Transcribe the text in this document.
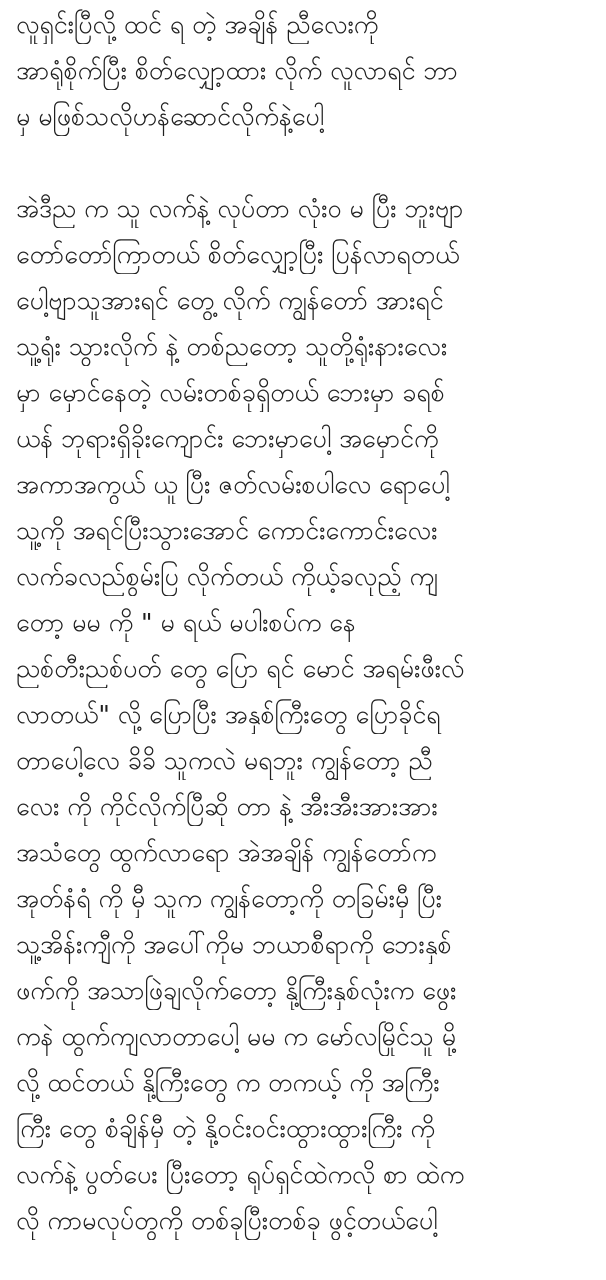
လူရှင်းပြီလို့ ထင် ရ တဲ့ အချိန် ညီလေးကို
အာရုံစိုက်ပြီး စိတ်လျှော့ထား လိုက် လူလာရင် ဘာ
မှ မဖြစ်သလိုဟန်ဆောင်လိုက်နဲ့ပေါ့
အဲဒီည က သူ လက်နဲ့ လုပ်တာ လုံး၀ မ ပြီး ဘူးဗျာ
တော်တော်ကြာတယ် စိတ်လျှော့ပြီး ပြန်လာရတယ်
ပေါ့ဗျာသူအားရင် တွေ့ လိုက် ကျွန်တော် အားရင်
သူ့ရုံး သွားလိုက် နဲ့ တစ်ညတော့ သူတို့ရုံးနားလေး
မှာ မှောင်နေတဲ့ လမ်းတစ်ခုရှိတယ် ဘေးမှာ ခရစ်
ယန် ဘုရားရှိခိုးကျောင်း ဘေးမှာပေါ့ အမှောင်ကို
အကာအကွယ် ယူ ပြီး ဇတ်လမ်းစပါလေ ရောပေါ့
သူ့ကို အရင်ပြီးသွားအောင် ကောင်းကောင်းလေး
လက်ခလည်စွမ်းပြ လိုက်တယ် ကိုယ့်ခလုည့် ကျ
တော့ မမ ကို " မ ရယ် မပါးစပ်က နေ
ညစ်တီးညစ်ပတ် တွေ ပြော ရင် မောင် အရမ်းဖီးလ်
လာတယ်" လို့ ပြောပြီး အနှစ်ကြီးတွေ ပြောခိုင်ရ
တာပေါ့လေ ခိခိ သူကလဲ မရဘူး ကျွန်တော့ ညီ
လေး ကို ကိုင်လိုက်ပြီဆို တာ နဲ့ အီးအီးအားအား
အသံတွေ ထွက်လာရော အဲအချိန် ကျွန်တော်က
အုတ်နံရံ ကို မှီ သူက ကျွန်တော့ကို တခြမ်းမှီ ပြီး
သူ့အိန်းကျီကို အပေါ်ကိုမ ဘယာစီရာကို ဘေးနှစ်
ဖက်ကို အသာဖြဲချလိုက်တော့ နို့ကြီးနှစ်လုံးက ဖွေး
ကနဲ ထွက်ကျလာတာပေါ့ မမ က မော်လမြိုင်သူ မို့
လို့ ထင်တယ် နို့ကြီးတွေ က တကယ့် ကို အကြီး
ကြီး တွေ စံချိန်မှီ တဲ့ နို့၀င်း၀င်းထွားထွားကြီး ကို
လက်နဲ့ ပွတ်ပေး ပြီးတော့ ရုပ်ရှင်ထဲကလို စာ ထဲက
လို ကာမလုပ်တွကို တစ်ခုပြီးတစ်ခု ဖွင့်တယ်ပေါ့
